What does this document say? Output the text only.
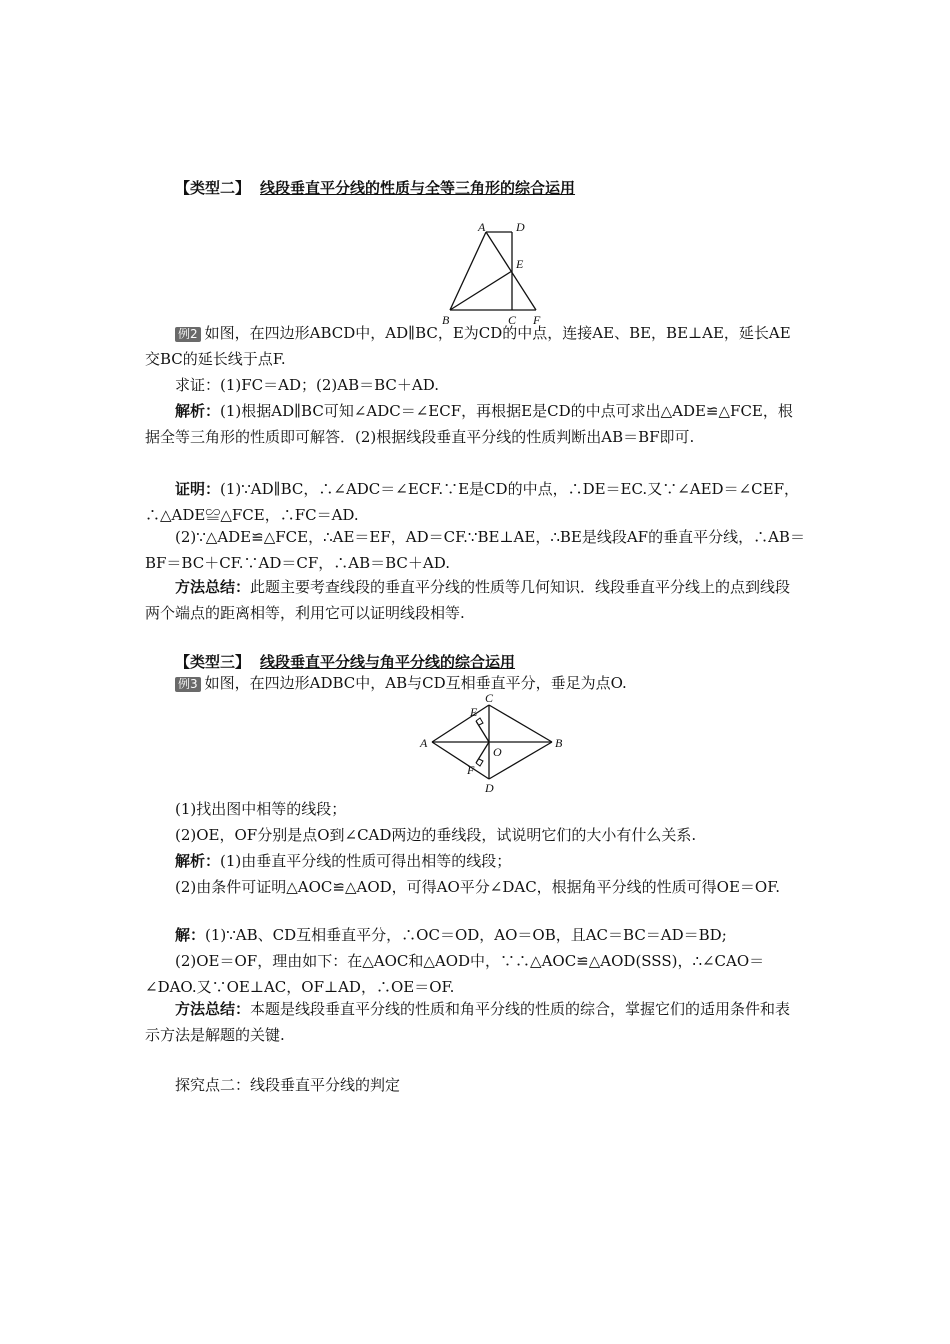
【类型二】 线段垂直平分线的性质与全等三角形的综合运用
A	D
E
B	C F

例2 如图，在四边形ABCD中，AD∥BC，E为CD的中点，连接AE、BE，BE⊥AE，延长AE交BC的延长线于点F.

求证：(1)FC＝AD；(2)AB＝BC＋AD.

解析：(1)根据AD∥BC可知∠ADC＝∠ECF，再根据E是CD的中点可求出△ADE≌△FCE，根据全等三角形的性质即可解答．(2)根据线段垂直平分线的性质判断出AB＝BF即可.

证明：(1)∵AD∥BC，∴∠ADC＝∠ECF.∵E是CD的中点，∴DE＝EC.又∵∠AED＝∠CEF，∴△ADE≌△FCE，∴FC＝AD.

(2)∵△ADE≌△FCE，∴AE＝EF，AD＝CF.∵BE⊥AE，∴BE是线段AF的垂直平分线，∴AB＝BF＝BC＋CF.∵AD＝CF，∴AB＝BC＋AD.

方法总结：此题主要考查线段的垂直平分线的性质等几何知识．线段垂直平分线上的点到线段两个端点的距离相等，利用它可以证明线段相等.

【类型三】 线段垂直平分线与角平分线的综合运用

例3 如图，在四边形ADBC中，AB与CD互相垂直平分，垂足为点O.

E
C
A	B
O
F
D

(1)找出图中相等的线段；

(2)OE，OF分别是点O到∠CAD两边的垂线段，试说明它们的大小有什么关系.

解析：(1)由垂直平分线的性质可得出相等的线段；

(2)由条件可证明△AOC≌△AOD，可得AO平分∠DAC，根据角平分线的性质可得OE＝OF.

解：(1)∵AB、CD互相垂直平分，∴OC＝OD，AO＝OB，且AC＝BC＝AD＝BD;

(2)OE＝OF，理由如下：在△AOC和△AOD中，∵∴△AOC≌△AOD(SSS)，∴∠CAO＝∠DAO.又∵OE⊥AC，OF⊥AD，∴OE＝OF.

方法总结：本题是线段垂直平分线的性质和角平分线的性质的综合，掌握它们的适用条件和表示方法是解题的关键.

探究点二：线段垂直平分线的判定
